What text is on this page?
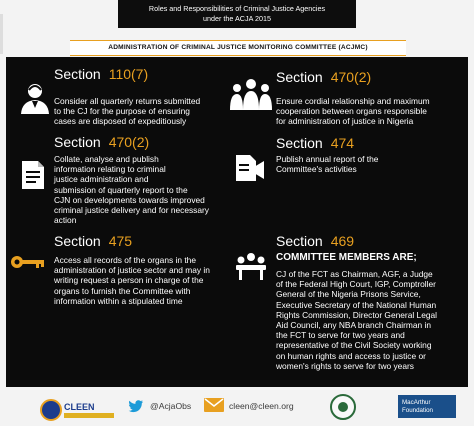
Roles and Responsibilities of Criminal Justice Agencies
under the ACJA 2015
ADMINISTRATION OF CRIMINAL JUSTICE MONITORING COMMITTEE (ACJMC)
Section 110(7)
Consider all quarterly returns submitted
to the CJ for the purpose of ensuring
cases are disposed of expeditiously
Section 470(2)
Ensure cordial relationship and maximum
cooperation between organs responsible
for administration of justice in Nigeria
Section 470(2)
Collate, analyse and publish
information relating to criminal
justice administration and
submission of quarterly report to the
CJN on developments towards improved
criminal justice delivery and for necessary
action
Section 474
Publish annual report of the
Committee's activities
Section 475
Access all records of the organs in the
administration of justice sector and may in
writing request a person in charge of the
organs to furnish the Committee with
information within a stipulated time
Section 469
COMMITTEE MEMBERS ARE;
CJ of the FCT as Chairman, AGF, a Judge
of the Federal High Court, IGP, Comptroller
General of the Nigeria Prisons Service,
Executive Secretary of the National Human
Rights Commission, Director General Legal
Aid Council, any NBA branch Chairman in
the FCT to serve for two years and
representative of the Civil Society working
on human rights and access to justice or
women's rights to serve for two years
CLEEN	@AcjaObs	cleen@cleen.org	MacArthur
Foundation
